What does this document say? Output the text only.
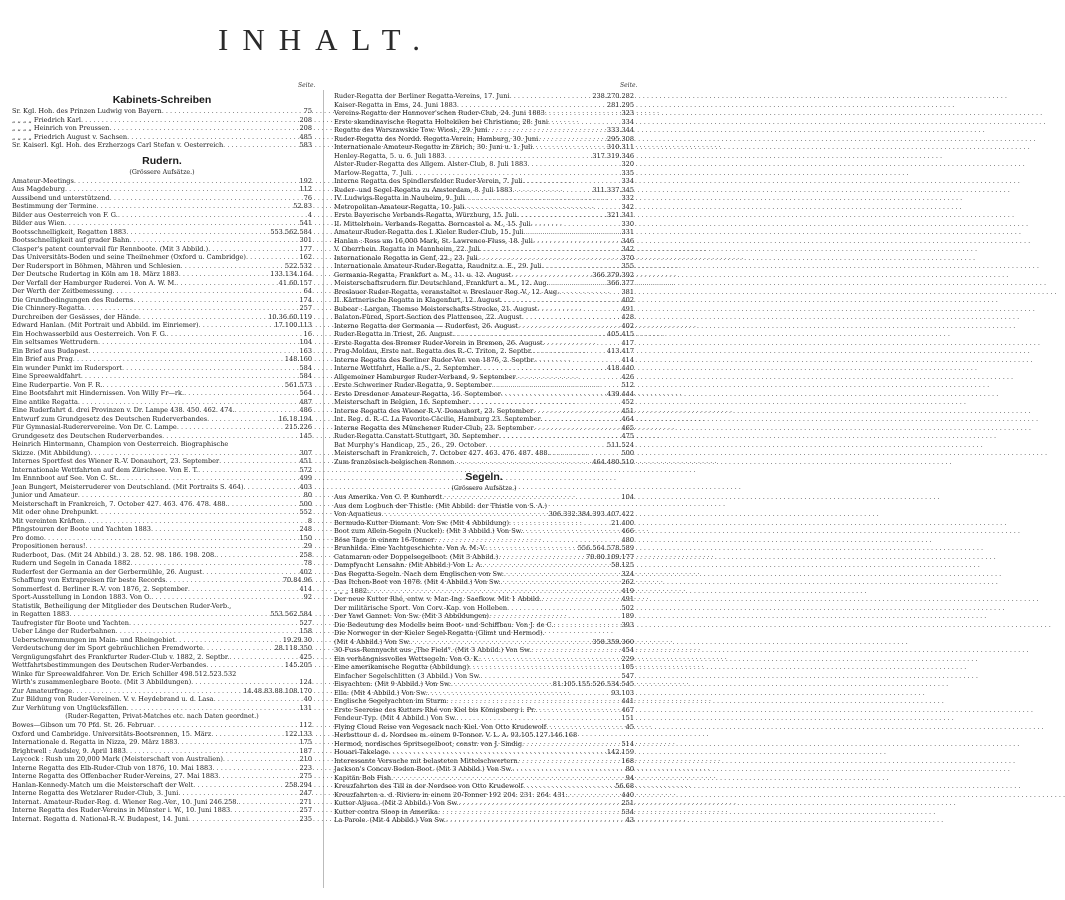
INHALT.
Seite.	Seite.
Kabinets-Schreiben
Sr. Kgl. Hoh. des Prinzen Ludwig von Bayern . . .	75
„ „ „ „ Friedrich Karl . . .	208
„ „ „ „ Heinrich von Preussen . . .	208
„ „ „ „ Friedrich August v. Sachsen . . .	485
Sr. Kaiserl. Kgl. Hoh. des Erzherzogs Carl Stefan v. Oesterreich . . .	583
Rudern.
(Grössere Aufsätze.)
Amateur-Meetings . . .	192
Aus Magdeburg . . .	112
Aussibend und unterstützend . . .	76
Bestimmung der Termine . . .	52.83
Bilder aus Oesterreich von F. G. . . .	4
Bilder aus Wien . . .	541
Bootsschnelligkeit, Regatten 1883 . . .	553.562.584
Bootsschnelligkeit auf grader Bahn . . .	301
Clasper's patent countervail für Rennboote. (Mit 3 Abbild.) . . .	177
Das Universitäts-Boden und seine Theilnehmer (Oxford u. Cambridge) . . .	162
Der Rudersport in Böhmen, Mähren und Schlesien . . .	522.532
Der Deutsche Rudertag in Köln am 18. März 1883 . . .	133.134.164
Der Verfall der Hamburger Ruderei. Von A. W. M. . . .	41.60.157
Der Werth der Zeitbemessung . . .	64
Die Grundbedingungen des Ruderns . . .	174
Die Chinnery-Regatta . . .	257
Durchreiben der Gesässes, der Hände . . .	10.36.60.119
Edward Hanlan. (Mit Portrait und Abbild. im Einriemer) . . .	17.100.113
Ein Hochwasserbild aus Oesterreich. Von F. G. . . .	16
Ein seltsames Wettrudern . . .	104
Ein Brief aus Budapest . . .	163
Ein Brief aus Prag . . .	148.160
Ein wunder Punkt im Rudersport . . .	584
Eine Spreewaldfahrt . . .	584
Eine Ruderpartie. Von F. R. . . .	561.573
Eine Bootsfahrt mit Hindernissen. Von Willy Fr—rk. . . .	564
Eine antike Regatta . . .	487
Eine Ruderfahrt d. drei Provinzen v. Dr. Lampe 438. 450. 462. 474. . . .	486
Entwurf zum Grundgesetz des Deutschen Ruderverbandes . . .	16.18.194
Für Gymnasial-Ruderervereine. Von Dr. C. Lampe . . .	215.226
Grundgesetz des Deutschen Ruderverbandes . . .	145
Heinrich Hintermann, Champion von Oesterreich. Biographische
Skizze. (Mit Abbildung) . . .	307
Internes Sportfest des Wiener R.-V. Donauhort, 23. September . . .	451
Internationale Wettfahrten auf dem Zürichsee. Von E. T. . . .	572
Im Ennnboot auf See. Von C. St. . . .	499
Jean Bungert, Meisterruderer von Deutschland. (Mit Portraits S. 464) . . .	403
Junior und Amateur . . .	80
Meisterschaft in Frankreich, 7. October 427. 463. 476. 478. 488. . . .	500
Mit oder ohne Drehpunkt . . .	552
Mit vereinten Kräften . . .	8
Pfingstouren der Boote und Yachten 1883 . . .	248
Pro domo . . .	150
Propositionen heraus! . . .	29
Ruderboot, Das. (Mit 24 Abbild.) 3. 28. 52. 98. 186. 198. 208. . . .	258
Rudern und Segeln in Canada 1882 . . .	78
Ruderfest der Germania an der Gerbermühle, 26. August . . .	402
Schaffung von Extrapreisen für beste Records . . .	70.84.96
Sommerfest d. Berliner R.-V. von 1876, 2. September . . .	414
Sport-Ausstellung in London 1883. Von O. . . .	92
Statistik, Betheiligung der Mitglieder des Deutschen Ruder-Verb.,
in Regatten 1883 . . .	553.562.584
Taufregister für Boote und Yachten . . .	527
Ueber Länge der Ruderbahnen . . .	158
Ueberschwemmungen im Main- und Rheingebiet . . .	19.29.30
Verdeutschung der im Sport gebräuchlichen Fremdworte . . .	28.118.350
Vergnügungsfahrt des Frankfurter Ruder-Club v. 1882, 2. Septbr. . . .	425
Wettfahrtsbestimmungen des Deutschen Ruder-Verbandes . . .	145.205
Winke für Spreewaldfahrer. Von Dr. Erich Schiller 498.512.523.532
Wirth's zusammenlegbare Boote. (Mit 3 Abbildungen) . . .	124
Zur Amateurfrage . . .	14.48.83.88.108.170
Zur Bildung von Ruder-Vereinen. V. v. Heydebrand u. d. Lasa . . .	40
Zur Verhütung von Unglücksfällen . . .	131
(Ruder-Regatten, Privat-Matches etc. nach Daten geordnet.)
Bowes—Gibson um 70 Pfd. St. 26. Februar . . .	112
Oxford und Cambridge. Universitäts-Bootsrennen, 15. März . . .	122.133
Internationale d. Regatta in Nizza, 29. März 1883 . . .	175
Brightwell : Audsley, 9. April 1883 . . .	187
Laycock : Rush um 20,000 Mark (Meisterschaft von Australien) . . .	210
Interne Regatta des Elb-Ruder-Club von 1876, 10. Mai 1883 . . .	223
Interne Regatta des Offenbacher Ruder-Vereins, 27. Mai 1883 . . .	275
Hanlan-Kennedy-Match um die Meisterschaft der Welt . . .	258.294
Interne Regatta des Wetzlarer Ruder-Club, 3. Juni . . .	247
Internat. Amateur-Ruder-Reg. d. Wiener Reg.-Ver., 10. Juni 246.258. . . .	271
Interne Regatta des Ruder-Vereins in Münster i. W., 10. Juni 1883 . . .	257
Internat. Regatta d. National-R.-V. Budapest, 14. Juni . . .	235
Ruder-Regatta der Berliner Regatta-Vereins, 17. Juni . . .	238.270.282
Kaiser-Regatta in Ems, 24. Juni 1883 . . .	281.295
Vereins-Regatta der Hannover'schen Ruder-Club, 24. Juni 1883 . . .	323
Erste skandinavische Regatta Holtekilen bei Christiana, 28. Juni . . .	334
Regatta des Warszawskie Tow. Wiosl., 29. Juni . . .	333.344
Ruder-Regatta des Nordd. Regatta-Verein, Hamburg, 30. Juni . . .	295.308
Internationale Amateur-Regatta in Zürich, 30. Juni u. 1. Juli . . .	310.311
Henley-Regatta, 5. u. 6. Juli 1883 . . .	317.319.346
Alster-Ruder-Regatta des Allgem. Alster-Club, 8. Juli 1883 . . .	320
Marlow-Regatta, 7. Juli . . .	335
Interne Regatta des Spindlersfelder Ruder-Verein, 7. Juli . . .	334
Ruder- und Segel-Regatta zu Amsterdam, 8. Juli 1883 . . .	311.337.345
IV. Ludwigs-Regatta in Nauheim, 9. Juli . . .	332
Metropolitan-Amateur-Regatta, 10. Juli . . .	342
Erste Bayerische Verbands-Regatta, Würzburg, 15. Juli . . .	321.341
II. Mittelrhein. Verbands-Regatta. Berncastel a. M., 15. Juli . . .	330
Amateur-Ruder-Regatta des I. Kieler Ruder-Club, 15. Juli . . .	331
Hanlan : Ross um 16,000 Mark, St. Lawrence-Fluss, 18. Juli . . .	346
V. Oberrhein. Regatta in Mannheim, 22. Juli . . .	342
Internationale Regatta in Genf, 22., 23. Juli . . .	370
Internationale Amateur-Ruder-Regatta, Raudnitz a. E., 29. Juli . . .	355
Germania-Regatta, Frankfurt a. M., 11. u. 12. August . . .	366.379.392
Meisterschaftsrudern für Deutschland, Frankfurt a. M., 12. Aug. . . .	366.377
Breslauer Ruder-Regatta, veranstaltet v. Breslauer Reg.-V., 12. Aug. . . .	381
II. Kärtnerische Regatta in Klagenfurt, 12. August . . .	402
Bubear : Largan, Themse Meisterschafts-Strecke, 21. August . . .	491
Balaton-Füred, Sport-Section des Plattensee, 22. August . . .	428
Interne Regatta der Germania — Ruderfest, 26. August . . .	402
Ruder-Regatta in Triest, 26. August . . .	405.415
Erste Regatta des Bremer Ruder-Verein in Bremen, 26. August . . .	417
Prag-Moldau, Erste nat. Regatta des R.-C. Triton, 2. Septbr. . . .	413.417
Interne Regatta des Berliner Ruder-Ver. von 1876, 2. Septbr. . . .	414
Interne Wettfahrt, Halle a./S., 2. September . . .	418.440
Allgemeiner Hamburger Ruder-Verband, 9. September . . .	426
Erste Schweriner Ruder-Regatta, 9. September . . .	512
Erste Dresdener Amateur-Regatta, 16. September . . .	439.444
Meisterschaft in Belgien, 16. September . . .	452
Interne Regatta des Wiener R.-V. Donauhort, 23. September . . .	451
Int. Reg. d. R.-C. La Favorite-Cäcilie, Hamburg 23. September . . .	464
Interne Regatta des Münchener Ruder-Club, 23. September . . .	465
Ruder-Regatta Canstatt-Stuttgart, 30. September . . .	475
Bat Murphy's Handicap, 25., 26., 29. October . . .	511.524
Meisterschaft in Frankreich, 7. October 427. 463. 476. 487. 488. . . .	500
Zum französisch-belgischen Rennen . . .	464.480.510
Segeln.
(Grössere Aufsätze.)
Aus Amerika. Von C. P. Kunhardt . . .	104
Aus dem Logbuch der Thistle. (Mit Abbild. der Thistle von S. A.)
Von Aquaticus . . .	306.332.384.393.407.422
Bermuda-Kutter Diamant. Von Sw. (Mit 4 Abbildung) . . .	21.400
Boot zum Allein-Segeln (Nuckel). (Mit 3 Abbild.) Von Sw. . . .	466
Böse Tage in einem 16-Tonner . . .	480
Brunhilda. Eine Yachtgeschichte. Von A. M.-V. . . .	556.564.578.589
Catamaran oder Doppelsegelboot. (Mit 3 Abbild.) . . .	70.80.109.177
Dampfyacht Lensahn. (Mit Abbild.) Von L. A. . . .	58.125
Das Regatta-Segeln. Nach dem Englischen von Sw. . . .	324
Das Itchen-Boot von 1878. (Mit 4 Abbild.) Von Sw. . . .	262
„ „ „ 1882. . . .	419
Der neue Kutter Rhé, entw. v. Mar.-Ing. Saefkow. Mit 1 Abbild. . . .	491
Der militärische Sport. Von Corv.-Kap. von Holleben . . .	502
Der Yawl Gannet. Von Sw. (Mit 3 Abbildungen) . . .	189
Die Bedeutung des Modells beim Boot- und Schiffbau. Von J. de C. . . .	393
Die Norweger in der Kieler Segel-Regatta (Glimt und Hermod).
(Mit 4 Abbild.) Von Sw. . . .	358.359.360
30-Fuss-Rennyacht aus „The Field". (Mit 3 Abbild.) Von Sw. . . .	454
Ein verhängnissvolles Wettsegeln. Von O. K. . . .	229
Eine amerikanische Regatta (Abbildung) . . .	105
Einfacher Segelschlitten (3 Abbild.) Von Sw. . . .	547
Eisyachten. (Mit 9 Abbild.) Von Sw. . . .	81.105.155.526.534.545
Ella. (Mit 4 Abbild.) Von Sw. . . .	93.103
Englische Segelyachten im Sturm . . .	441
Erste Seereise des Kutters Rhé von Kiel bis Königsberg i. Pr. . . .	467
Fendeur-Typ. (Mit 4 Abbild.) Von Sw. . . .	151
Flying Cloud Reise von Vegesack nach Kiel. Von Otto Krudewolf . . .	45
Herbsttour d. d. Nordsee m. einem 9-Tonner. V. L. A. 93.105.127.146.168
Hermod, nordisches Spritsegelboot, constr. von J. Sindig . . .	514
Houari-Takelage . . .	142.159
Interessante Versuche mit belasteten Mittelschwertern . . .	168
Jackson's Concav Boden-Boot. (Mit 3 Abbild.) Von Sw. . . .	80
Kapitän Bob Fish . . .	94
Kreuzfahrten des Till in der Nordsee von Otto Krudewolf . . .	56.68
Kreuzfahrten a. d. Riviera in einem 20-Tonner 192 204. 231. 264. 431. . . .	440
Kutter Aljuca. (Mit 2 Abbild.) Von Sw. . . .	251
Kutter contra Sloop in Amerika . . .	534
La Parole. (Mit 4 Abbild.) Von Sw. . . .	43
